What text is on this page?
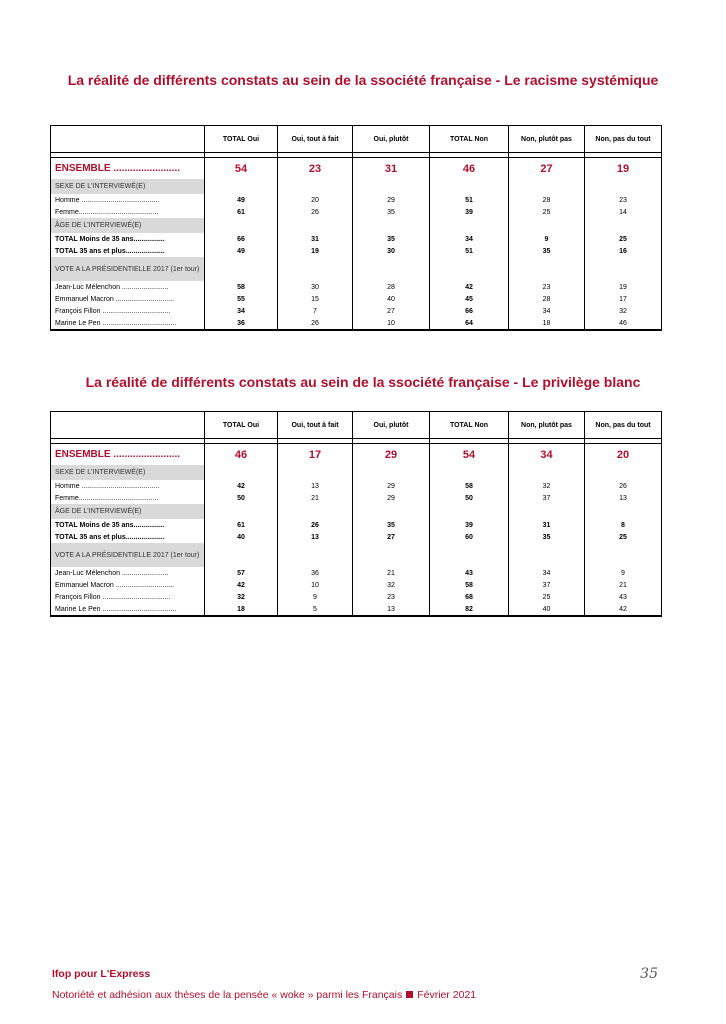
La réalité de différents constats au sein de la ssociété française - Le racisme systémique
TOTAL Oui	Oui, tout à fait	Oui, plutôt	TOTAL Non	Non, plutôt pas	Non, pas du tout
ENSEMBLE ........................	54	23	31	46	27	19
SEXE DE L'INTERVIEWÉ(E)
Homme ........................................	49	20	29	51	28	23
Femme.........................................	61	26	35	39	25	14
ÂGE DE L'INTERVIEWÉ(E)
TOTAL Moins de 35 ans................	66	31	35	34	9	25
TOTAL 35 ans et plus....................	49	19	30	51	35	16
VOTE A LA PRÉSIDENTIELLE 2017 (1er tour)
Jean-Luc Mélenchon ........................	58	30	28	42	23	19
Emmanuel Macron ..............................	55	15	40	45	28	17
François Fillon ...................................	34	7	27	66	34	32
Marine Le Pen ......................................	36	26	10	64	18	46
La réalité de différents constats au sein de la ssociété française - Le privilège blanc
TOTAL Oui	Oui, tout à fait	Oui, plutôt	TOTAL Non	Non, plutôt pas	Non, pas du tout
ENSEMBLE ........................	46	17	29	54	34	20
SEXE DE L'INTERVIEWÉ(E)
Homme ........................................	42	13	29	58	32	26
Femme.........................................	50	21	29	50	37	13
ÂGE DE L'INTERVIEWÉ(E)
TOTAL Moins de 35 ans................	61	26	35	39	31	8
TOTAL 35 ans et plus....................	40	13	27	60	35	25
VOTE A LA PRÉSIDENTIELLE 2017 (1er tour)
Jean-Luc Mélenchon ........................	57	36	21	43	34	9
Emmanuel Macron ..............................	42	10	32	58	37	21
François Fillon ...................................	32	9	23	68	25	43
Marine Le Pen ......................................	18	5	13	82	40	42
Ifop pour L'Express
Notoriété et adhésion aux thèses de la pensée « woke » parmi les Français Février 2021
35
